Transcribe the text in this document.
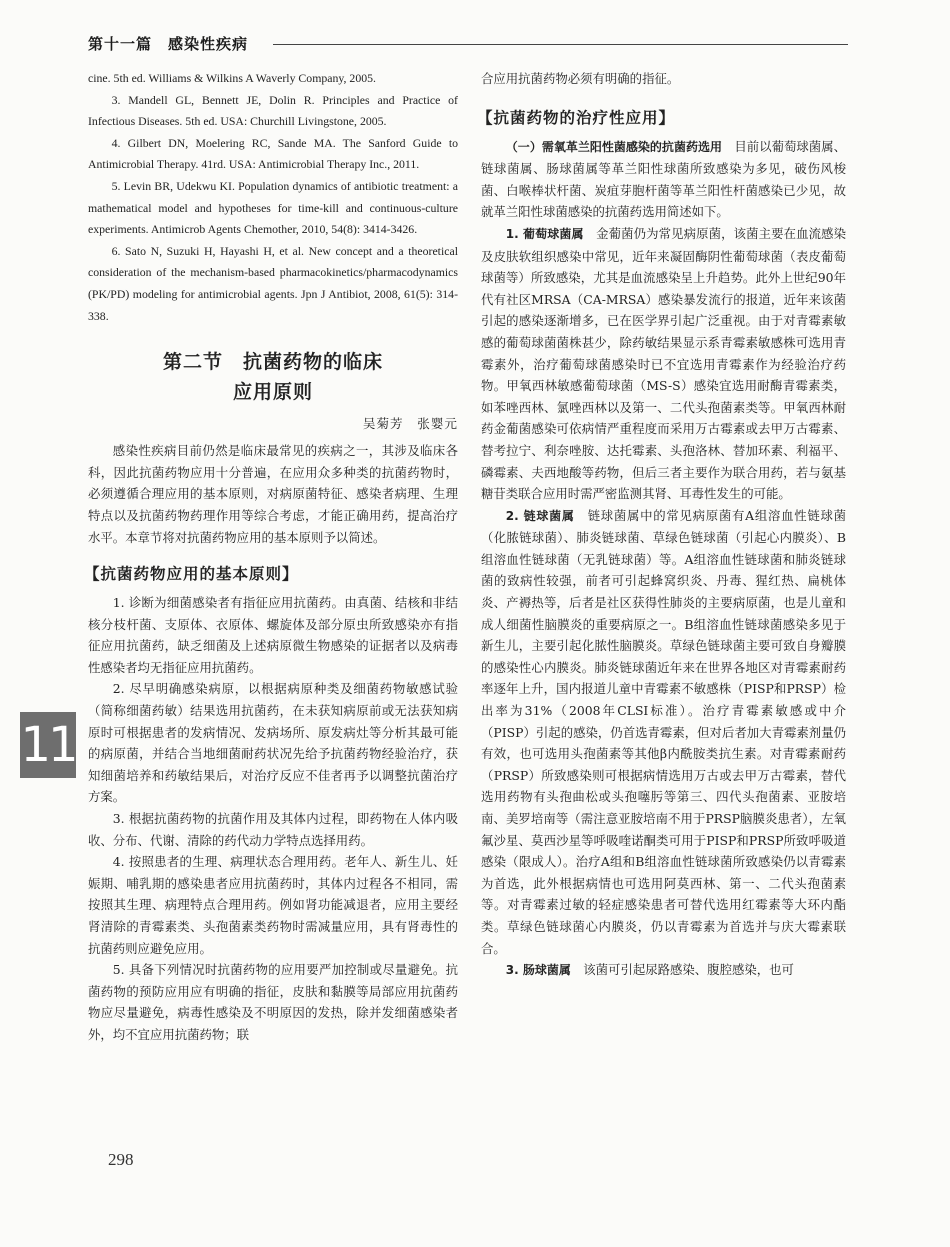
第十一篇　感染性疾病

cine. 5th ed. Williams & Wilkins A Waverly Company, 2005.

3. Mandell GL, Bennett JE, Dolin R. Principles and Practice of Infectious Diseases. 5th ed. USA: Churchill Livingstone, 2005.

4. Gilbert DN, Moelering RC, Sande MA. The Sanford Guide to Antimicrobial Therapy. 41rd. USA: Antimicrobial Therapy Inc., 2011.

5. Levin BR, Udekwu KI. Population dynamics of antibiotic treatment: a mathematical model and hypotheses for time-kill and continuous-culture experiments. Antimicrob Agents Chemother, 2010, 54(8): 3414-3426.

6. Sato N, Suzuki H, Hayashi H, et al. New concept and a theoretical consideration of the mechanism-based pharmacokinetics/pharmacodynamics (PK/PD) modeling for antimicrobial agents. Jpn J Antibiot, 2008, 61(5): 314-338.

第二节　抗菌药物的临床
应用原则
吴菊芳　张婴元

感染性疾病目前仍然是临床最常见的疾病之一，其涉及临床各科，因此抗菌药物应用十分普遍，在应用众多种类的抗菌药物时，必须遵循合理应用的基本原则，对病原菌特征、感染者病理、生理特点以及抗菌药物药理作用等综合考虑，才能正确用药，提高治疗水平。本章节将对抗菌药物应用的基本原则予以简述。

【抗菌药物应用的基本原则】

1. 诊断为细菌感染者有指征应用抗菌药。由真菌、结核和非结核分枝杆菌、支原体、衣原体、螺旋体及部分原虫所致感染亦有指征应用抗菌药，缺乏细菌及上述病原微生物感染的证据者以及病毒性感染者均无指征应用抗菌药。

2. 尽早明确感染病原，以根据病原种类及细菌药物敏感试验（简称细菌药敏）结果选用抗菌药，在未获知病原前或无法获知病原时可根据患者的发病情况、发病场所、原发病灶等分析其最可能的病原菌，并结合当地细菌耐药状况先给予抗菌药物经验治疗，获知细菌培养和药敏结果后，对治疗反应不佳者再予以调整抗菌治疗方案。

3. 根据抗菌药物的抗菌作用及其体内过程，即药物在人体内吸收、分布、代谢、清除的药代动力学特点选择用药。

4. 按照患者的生理、病理状态合理用药。老年人、新生儿、妊娠期、哺乳期的感染患者应用抗菌药时，其体内过程各不相同，需按照其生理、病理特点合理用药。例如肾功能减退者，应用主要经肾清除的青霉素类、头孢菌素类药物时需减量应用，具有肾毒性的抗菌药则应避免应用。

5. 具备下列情况时抗菌药物的应用要严加控制或尽量避免。抗菌药物的预防应用应有明确的指征，皮肤和黏膜等局部应用抗菌药物应尽量避免，病毒性感染及不明原因的发热，除并发细菌感染者外，均不宜应用抗菌药物；联

合应用抗菌药物必须有明确的指征。

【抗菌药物的治疗性应用】

（一）需氧革兰阳性菌感染的抗菌药选用　 目前以葡萄球菌属、链球菌属、肠球菌属等革兰阳性球菌所致感染为多见，破伤风梭菌、白喉棒状杆菌、炭疽芽胞杆菌等革兰阳性杆菌感染已少见，故就革兰阳性球菌感染的抗菌药选用简述如下。

1. 葡萄球菌属　 金葡菌仍为常见病原菌，该菌主要在血流感染及皮肤软组织感染中常见，近年来凝固酶阴性葡萄球菌（表皮葡萄球菌等）所致感染，尤其是血流感染呈上升趋势。此外上世纪90年代有社区MRSA（CA-MRSA）感染暴发流行的报道，近年来该菌引起的感染逐渐增多，已在医学界引起广泛重视。由于对青霉素敏感的葡萄球菌菌株甚少，除药敏结果显示系青霉素敏感株可选用青霉素外，治疗葡萄球菌感染时已不宜选用青霉素作为经验治疗药物。甲氧西林敏感葡萄球菌（MS-S）感染宜选用耐酶青霉素类，如苯唑西林、氯唑西林以及第一、二代头孢菌素类等。甲氧西林耐药金葡菌感染可依病情严重程度而采用万古霉素或去甲万古霉素、替考拉宁、利奈唑胺、达托霉素、头孢洛林、替加环素、利福平、磷霉素、夫西地酸等药物，但后三者主要作为联合用药，若与氨基糖苷类联合应用时需严密监测其肾、耳毒性发生的可能。

2. 链球菌属　 链球菌属中的常见病原菌有A组溶血性链球菌（化脓链球菌）、肺炎链球菌、草绿色链球菌（引起心内膜炎）、B组溶血性链球菌（无乳链球菌）等。A组溶血性链球菌和肺炎链球菌的致病性较强，前者可引起蜂窝织炎、丹毒、猩红热、扁桃体炎、产褥热等，后者是社区获得性肺炎的主要病原菌，也是儿童和成人细菌性脑膜炎的重要病原之一。B组溶血性链球菌感染多见于新生儿，主要引起化脓性脑膜炎。草绿色链球菌主要可致自身瓣膜的感染性心内膜炎。肺炎链球菌近年来在世界各地区对青霉素耐药率逐年上升，国内报道儿童中青霉素不敏感株（PISP和PRSP）检出率为31%（2008年CLSI标准）。治疗青霉素敏感或中介（PISP）引起的感染，仍首选青霉素，但对后者加大青霉素剂量仍有效，也可选用头孢菌素等其他β内酰胺类抗生素。对青霉素耐药（PRSP）所致感染则可根据病情选用万古或去甲万古霉素，替代选用药物有头孢曲松或头孢噻肟等第三、四代头孢菌素、亚胺培南、美罗培南等（需注意亚胺培南不用于PRSP脑膜炎患者），左氧氟沙星、莫西沙星等呼吸喹诺酮类可用于PISP和PRSP所致呼吸道感染（限成人）。治疗A组和B组溶血性链球菌所致感染仍以青霉素为首选，此外根据病情也可选用阿莫西林、第一、二代头孢菌素等。对青霉素过敏的轻症感染患者可替代选用红霉素等大环内酯类。草绿色链球菌心内膜炎，仍以青霉素为首选并与庆大霉素联合。

3. 肠球菌属　 该菌可引起尿路感染、腹腔感染，也可

11
298
